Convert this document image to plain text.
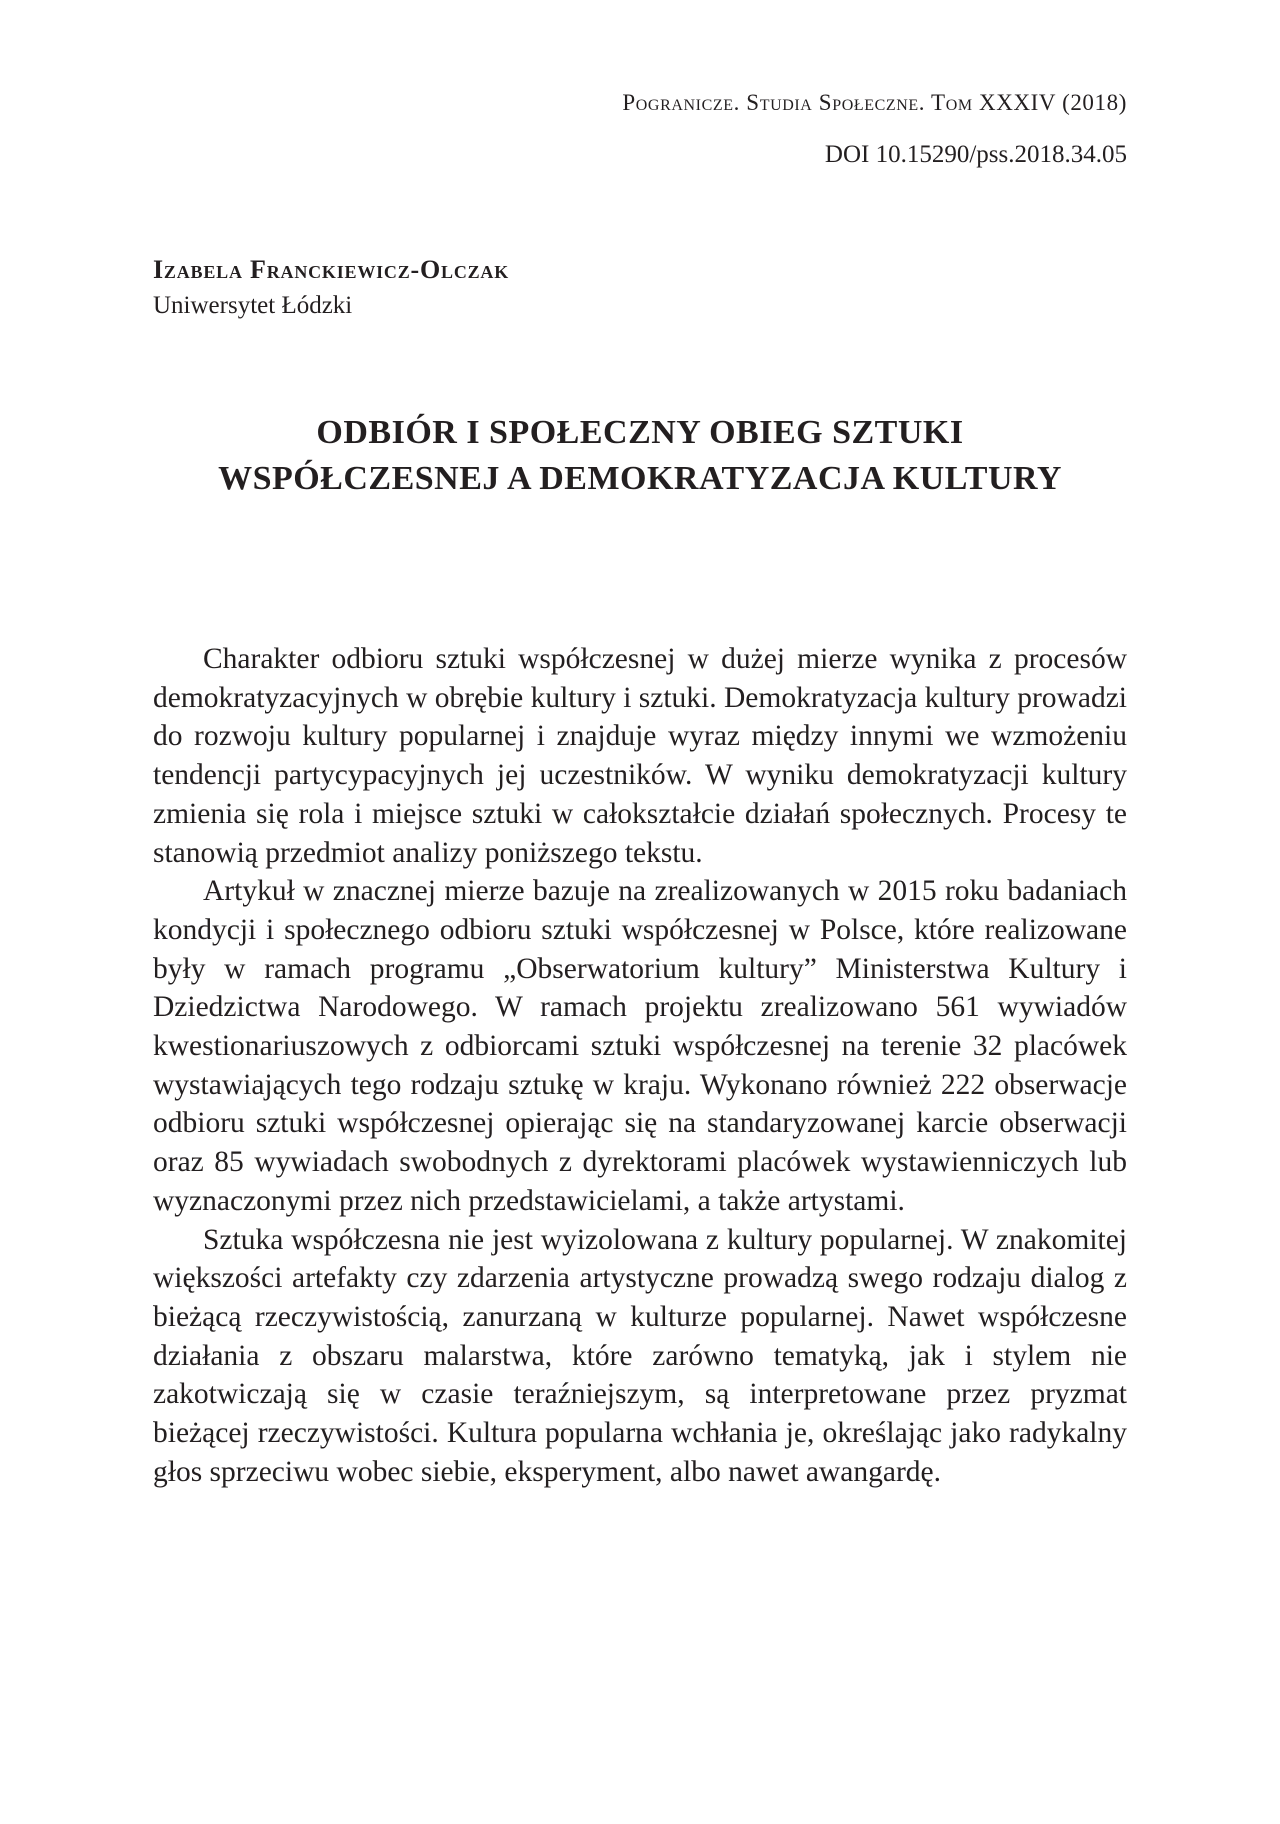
Pogranicze. Studia Społeczne. Tom XXXIV (2018)
DOI 10.15290/pss.2018.34.05
Izabela Franckiewicz-Olczak
Uniwersytet Łódzki
ODBIÓR I SPOŁECZNY OBIEG SZTUKI
WSPÓŁCZESNEJ A DEMOKRATYZACJA KULTURY

Charakter odbioru sztuki współczesnej w dużej mierze wynika z procesów demokratyzacyjnych w obrębie kultury i sztuki. Demokratyzacja kultury prowadzi do rozwoju kultury popularnej i znajduje wyraz między innymi we wzmożeniu tendencji partycypacyjnych jej uczestników. W wyniku demokratyzacji kultury zmienia się rola i miejsce sztuki w całokształcie działań społecznych. Procesy te stanowią przedmiot analizy poniższego tekstu.

Artykuł w znacznej mierze bazuje na zrealizowanych w 2015 roku badaniach kondycji i społecznego odbioru sztuki współczesnej w Polsce, które realizowane były w ramach programu „Obserwatorium kultury” Ministerstwa Kultury i Dziedzictwa Narodowego. W ramach projektu zrealizowano 561 wywiadów kwestionariuszowych z odbiorcami sztuki współczesnej na terenie 32 placówek wystawiających tego rodzaju sztukę w kraju. Wykonano również 222 obserwacje odbioru sztuki współczesnej opierając się na standaryzowanej karcie obserwacji oraz 85 wywiadach swobodnych z dyrektorami placówek wystawienniczych lub wyznaczonymi przez nich przedstawicielami, a także artystami.

Sztuka współczesna nie jest wyizolowana z kultury popularnej. W znakomitej większości artefakty czy zdarzenia artystyczne prowadzą swego rodzaju dialog z bieżącą rzeczywistością, zanurzaną w kulturze popularnej. Nawet współczesne działania z obszaru malarstwa, które zarówno tematyką, jak i stylem nie zakotwiczają się w czasie teraźniejszym, są interpretowane przez pryzmat bieżącej rzeczywistości. Kultura popularna wchłania je, określając jako radykalny głos sprzeciwu wobec siebie, eksperyment, albo nawet awangardę.
